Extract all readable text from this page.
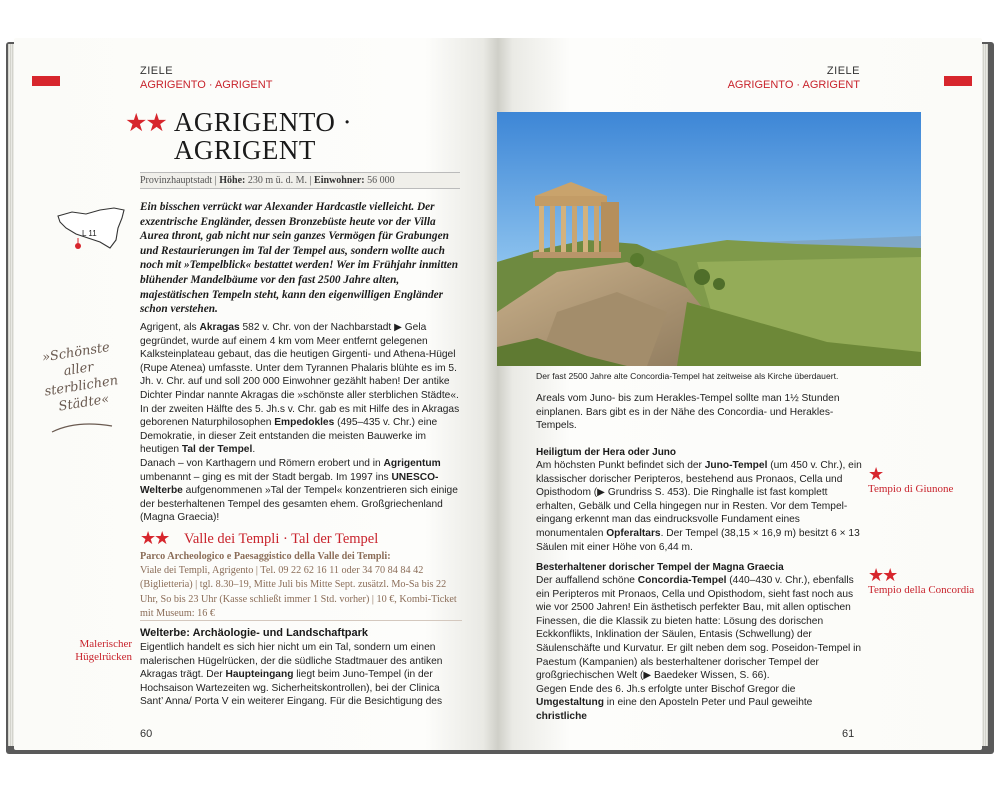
ZIELE
AGRIGENTO · AGRIGENT
★★ AGRIGENTO ·
AGRIGENT
Provinzhauptstadt | Höhe: 230 m ü. d. M. | Einwohner: 56 000
L 11
Ein bisschen verrückt war Alexander Hardcastle vielleicht. Der exzentrische Engländer, dessen Bronzebüste heute vor der Villa Aurea thront, gab nicht nur sein ganzes Vermögen für Grabungen und Restaurierungen im Tal der Tempel aus, sondern wollte auch noch mit »Tempelblick« bestattet werden! Wer im Frühjahr inmitten blühender Mandelbäume vor den fast 2500 Jahre alten, majestätischen Tempeln steht, kann den eigenwilligen Engländer schon verstehen.
»Schönste aller sterblichen Städte«
Agrigent, als Akragas 582 v. Chr. von der Nachbarstadt ▶ Gela gegründet, wurde auf einem 4 km vom Meer entfernt gelegenen Kalksteinplateau gebaut, das die heutigen Girgenti- und Athena-Hügel (Rupe Atenea) umfasste. Unter dem Tyrannen Phalaris blühte es im 5. Jh. v. Chr. auf und soll 200 000 Einwohner gezählt haben! Der antike Dichter Pindar nannte Akragas die »schönste aller sterblichen Städte«. In der zweiten Hälfte des 5. Jh.s v. Chr. gab es mit Hilfe des in Akragas geborenen Naturphilosophen Empedokles (495–435 v. Chr.) eine Demokratie, in dieser Zeit entstanden die meisten Bauwerke im heutigen Tal der Tempel.
Danach – von Karthagern und Römern erobert und in Agrigentum umbenannt – ging es mit der Stadt bergab. Im 1997 ins UNESCO-Welterbe aufgenommenen »Tal der Tempel« konzentrieren sich einige der besterhaltenen Tempel des gesamten ehem. Großgriechenland (Magna Graecia)!
★★ Valle dei Templi · Tal der Tempel
Parco Archeologico e Paesaggistico della Valle dei Templi:
Viale dei Templi, Agrigento | Tel. 09 22 62 16 11 oder 34 70 84 84 42 (Biglietteria) | tgl. 8.30–19, Mitte Juli bis Mitte Sept. zusätzl. Mo-Sa bis 22 Uhr, So bis 23 Uhr (Kasse schließt immer 1 Std. vorher) | 10 €, Kombi-Ticket mit Museum: 16 €
Welterbe: Archäologie- und Landschaftpark
Eigentlich handelt es sich hier nicht um ein Tal, sondern um einen malerischen Hügelrücken, der die südliche Stadtmauer des antiken Akragas trägt. Der Haupteingang liegt beim Juno-Tempel (in der Hochsaison Wartezeiten wg. Sicherheitskontrollen), bei der Clinica Sant’ Anna/ Porta V ein weiterer Eingang. Für die Besichtigung des
Malerischer Hügelrücken
60
ZIELE
AGRIGENTO · AGRIGENT
Der fast 2500 Jahre alte Concordia-Tempel hat zeitweise als Kirche überdauert.
Areals vom Juno- bis zum Herakles-Tempel sollte man 1½ Stunden einplanen. Bars gibt es in der Nähe des Concordia- und Herakles-Tempels.
Heiligtum der Hera oder Juno
Am höchsten Punkt befindet sich der Juno-Tempel (um 450 v. Chr.), ein klassischer dorischer Peripteros, bestehend aus Pronaos, Cella und Opisthodom (▶ Grundriss S. 453). Die Ringhalle ist fast komplett erhalten, Gebälk und Cella hingegen nur in Resten. Vor dem Tempeleingang erkennt man das eindrucksvolle Fundament eines monumentalen Opferaltars. Der Tempel (38,15 × 16,9 m) besitzt 6 × 13 Säulen mit einer Höhe von 6,44 m.
Besterhaltener dorischer Tempel der Magna Graecia
Der auffallend schöne Concordia-Tempel (440–430 v. Chr.), ebenfalls ein Peripteros mit Pronaos, Cella und Opisthodom, sieht fast noch aus wie vor 2500 Jahren! Ein ästhetisch perfekter Bau, mit allen optischen Finessen, die die Klassik zu bieten hatte: Lösung des dorischen Eckkonflikts, Inklination der Säulen, Entasis (Schwellung) der Säulenschäfte und Kurvatur. Er gilt neben dem sog. Poseidon-Tempel in Paestum (Kampanien) als besterhaltener dorischer Tempel der großgriechischen Welt (▶ Baedeker Wissen, S. 66).
Gegen Ende des 6. Jh.s erfolgte unter Bischof Gregor die Umgestaltung in eine den Aposteln Peter und Paul geweihte christliche
★
Tempio di Giunone
★★
Tempio della Concordia
61
